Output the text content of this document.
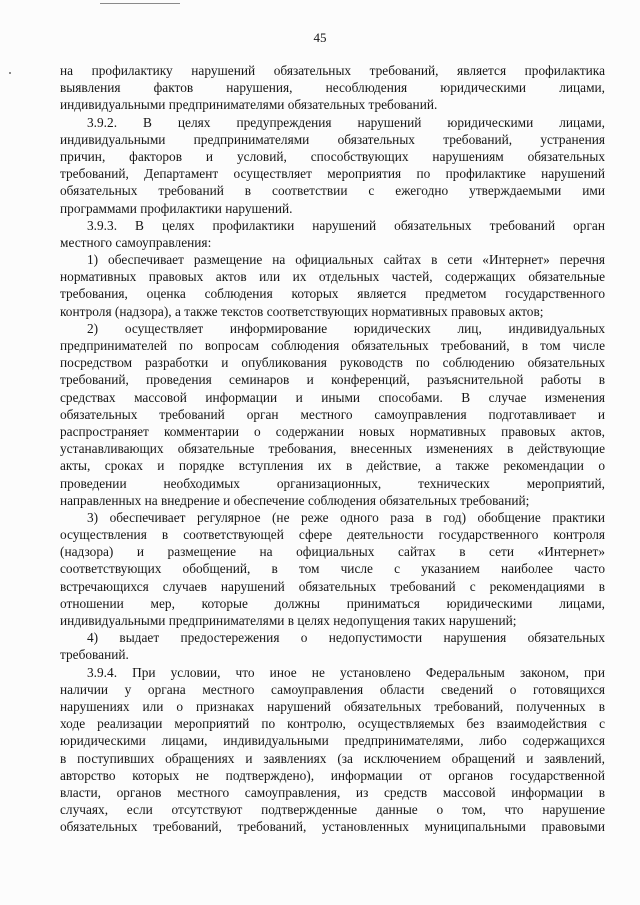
45
на профилактику нарушений обязательных требований, является профилактика
выявления фактов нарушения, несоблюдения юридическими лицами,
индивидуальными предпринимателями обязательных требований.
3.9.2. В целях предупреждения нарушений юридическими лицами,
индивидуальными предпринимателями обязательных требований, устранения
причин, факторов и условий, способствующих нарушениям обязательных
требований, Департамент осуществляет мероприятия по профилактике нарушений
обязательных требований в соответствии с ежегодно утверждаемыми ими
программами профилактики нарушений.
3.9.3. В целях профилактики нарушений обязательных требований орган
местного самоуправления:
1) обеспечивает размещение на официальных сайтах в сети «Интернет» перечня
нормативных правовых актов или их отдельных частей, содержащих обязательные
требования, оценка соблюдения которых является предметом государственного
контроля (надзора), а также текстов соответствующих нормативных правовых актов;
2) осуществляет информирование юридических лиц, индивидуальных
предпринимателей по вопросам соблюдения обязательных требований, в том числе
посредством разработки и опубликования руководств по соблюдению обязательных
требований, проведения семинаров и конференций, разъяснительной работы в
средствах массовой информации и иными способами. В случае изменения
обязательных требований орган местного самоуправления подготавливает и
распространяет комментарии о содержании новых нормативных правовых актов,
устанавливающих обязательные требования, внесенных изменениях в действующие
акты, сроках и порядке вступления их в действие, а также рекомендации о
проведении необходимых организационных, технических мероприятий,
направленных на внедрение и обеспечение соблюдения обязательных требований;
3) обеспечивает регулярное (не реже одного раза в год) обобщение практики
осуществления в соответствующей сфере деятельности государственного контроля
(надзора) и размещение на официальных сайтах в сети «Интернет»
соответствующих обобщений, в том числе с указанием наиболее часто
встречающихся случаев нарушений обязательных требований с рекомендациями в
отношении мер, которые должны приниматься юридическими лицами,
индивидуальными предпринимателями в целях недопущения таких нарушений;
4) выдает предостережения о недопустимости нарушения обязательных
требований.
3.9.4. При условии, что иное не установлено Федеральным законом, при
наличии у органа местного самоуправления области сведений о готовящихся
нарушениях или о признаках нарушений обязательных требований, полученных в
ходе реализации мероприятий по контролю, осуществляемых без взаимодействия с
юридическими лицами, индивидуальными предпринимателями, либо содержащихся
в поступивших обращениях и заявлениях (за исключением обращений и заявлений,
авторство которых не подтверждено), информации от органов государственной
власти, органов местного самоуправления, из средств массовой информации в
случаях, если отсутствуют подтвержденные данные о том, что нарушение
обязательных требований, требований, установленных муниципальными правовыми
